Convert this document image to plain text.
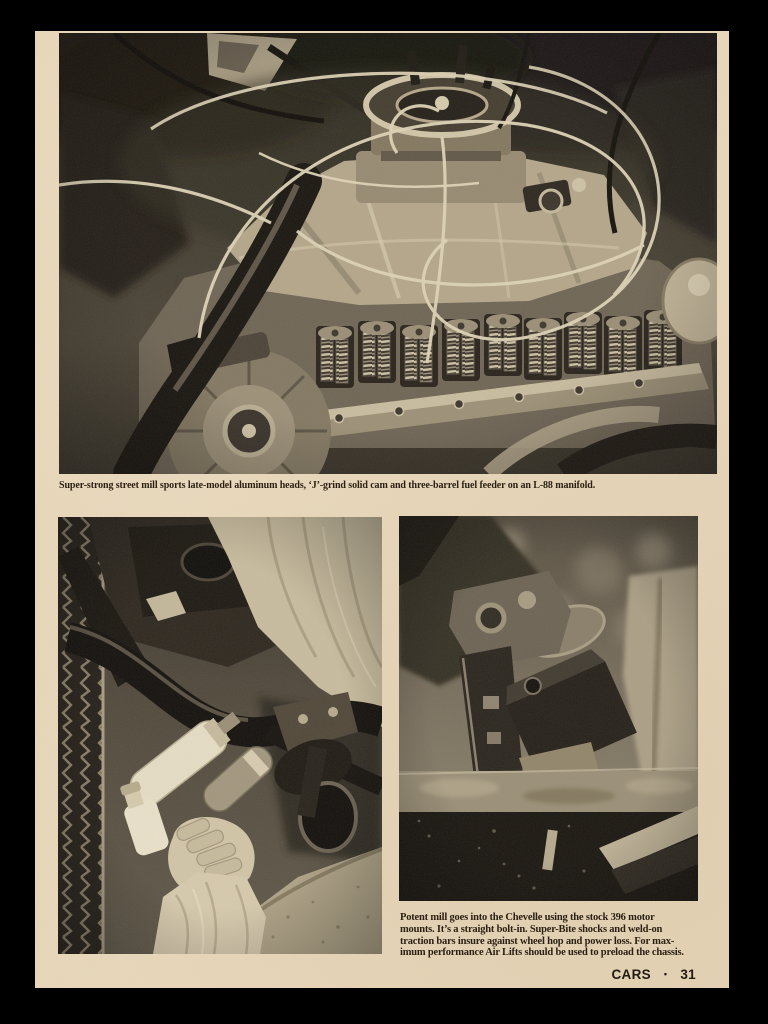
Super-strong street mill sports late-model aluminum heads, ‘J’-grind solid cam and three-barrel fuel feeder on an L-88 manifold.
Potent mill goes into the Chevelle using the stock 396 motor
mounts. It’s a straight bolt-in. Super-Bite shocks and weld-on
traction bars insure against wheel hop and power loss. For max-
imum performance Air Lifts should be used to preload the chassis.
CARS • 31
